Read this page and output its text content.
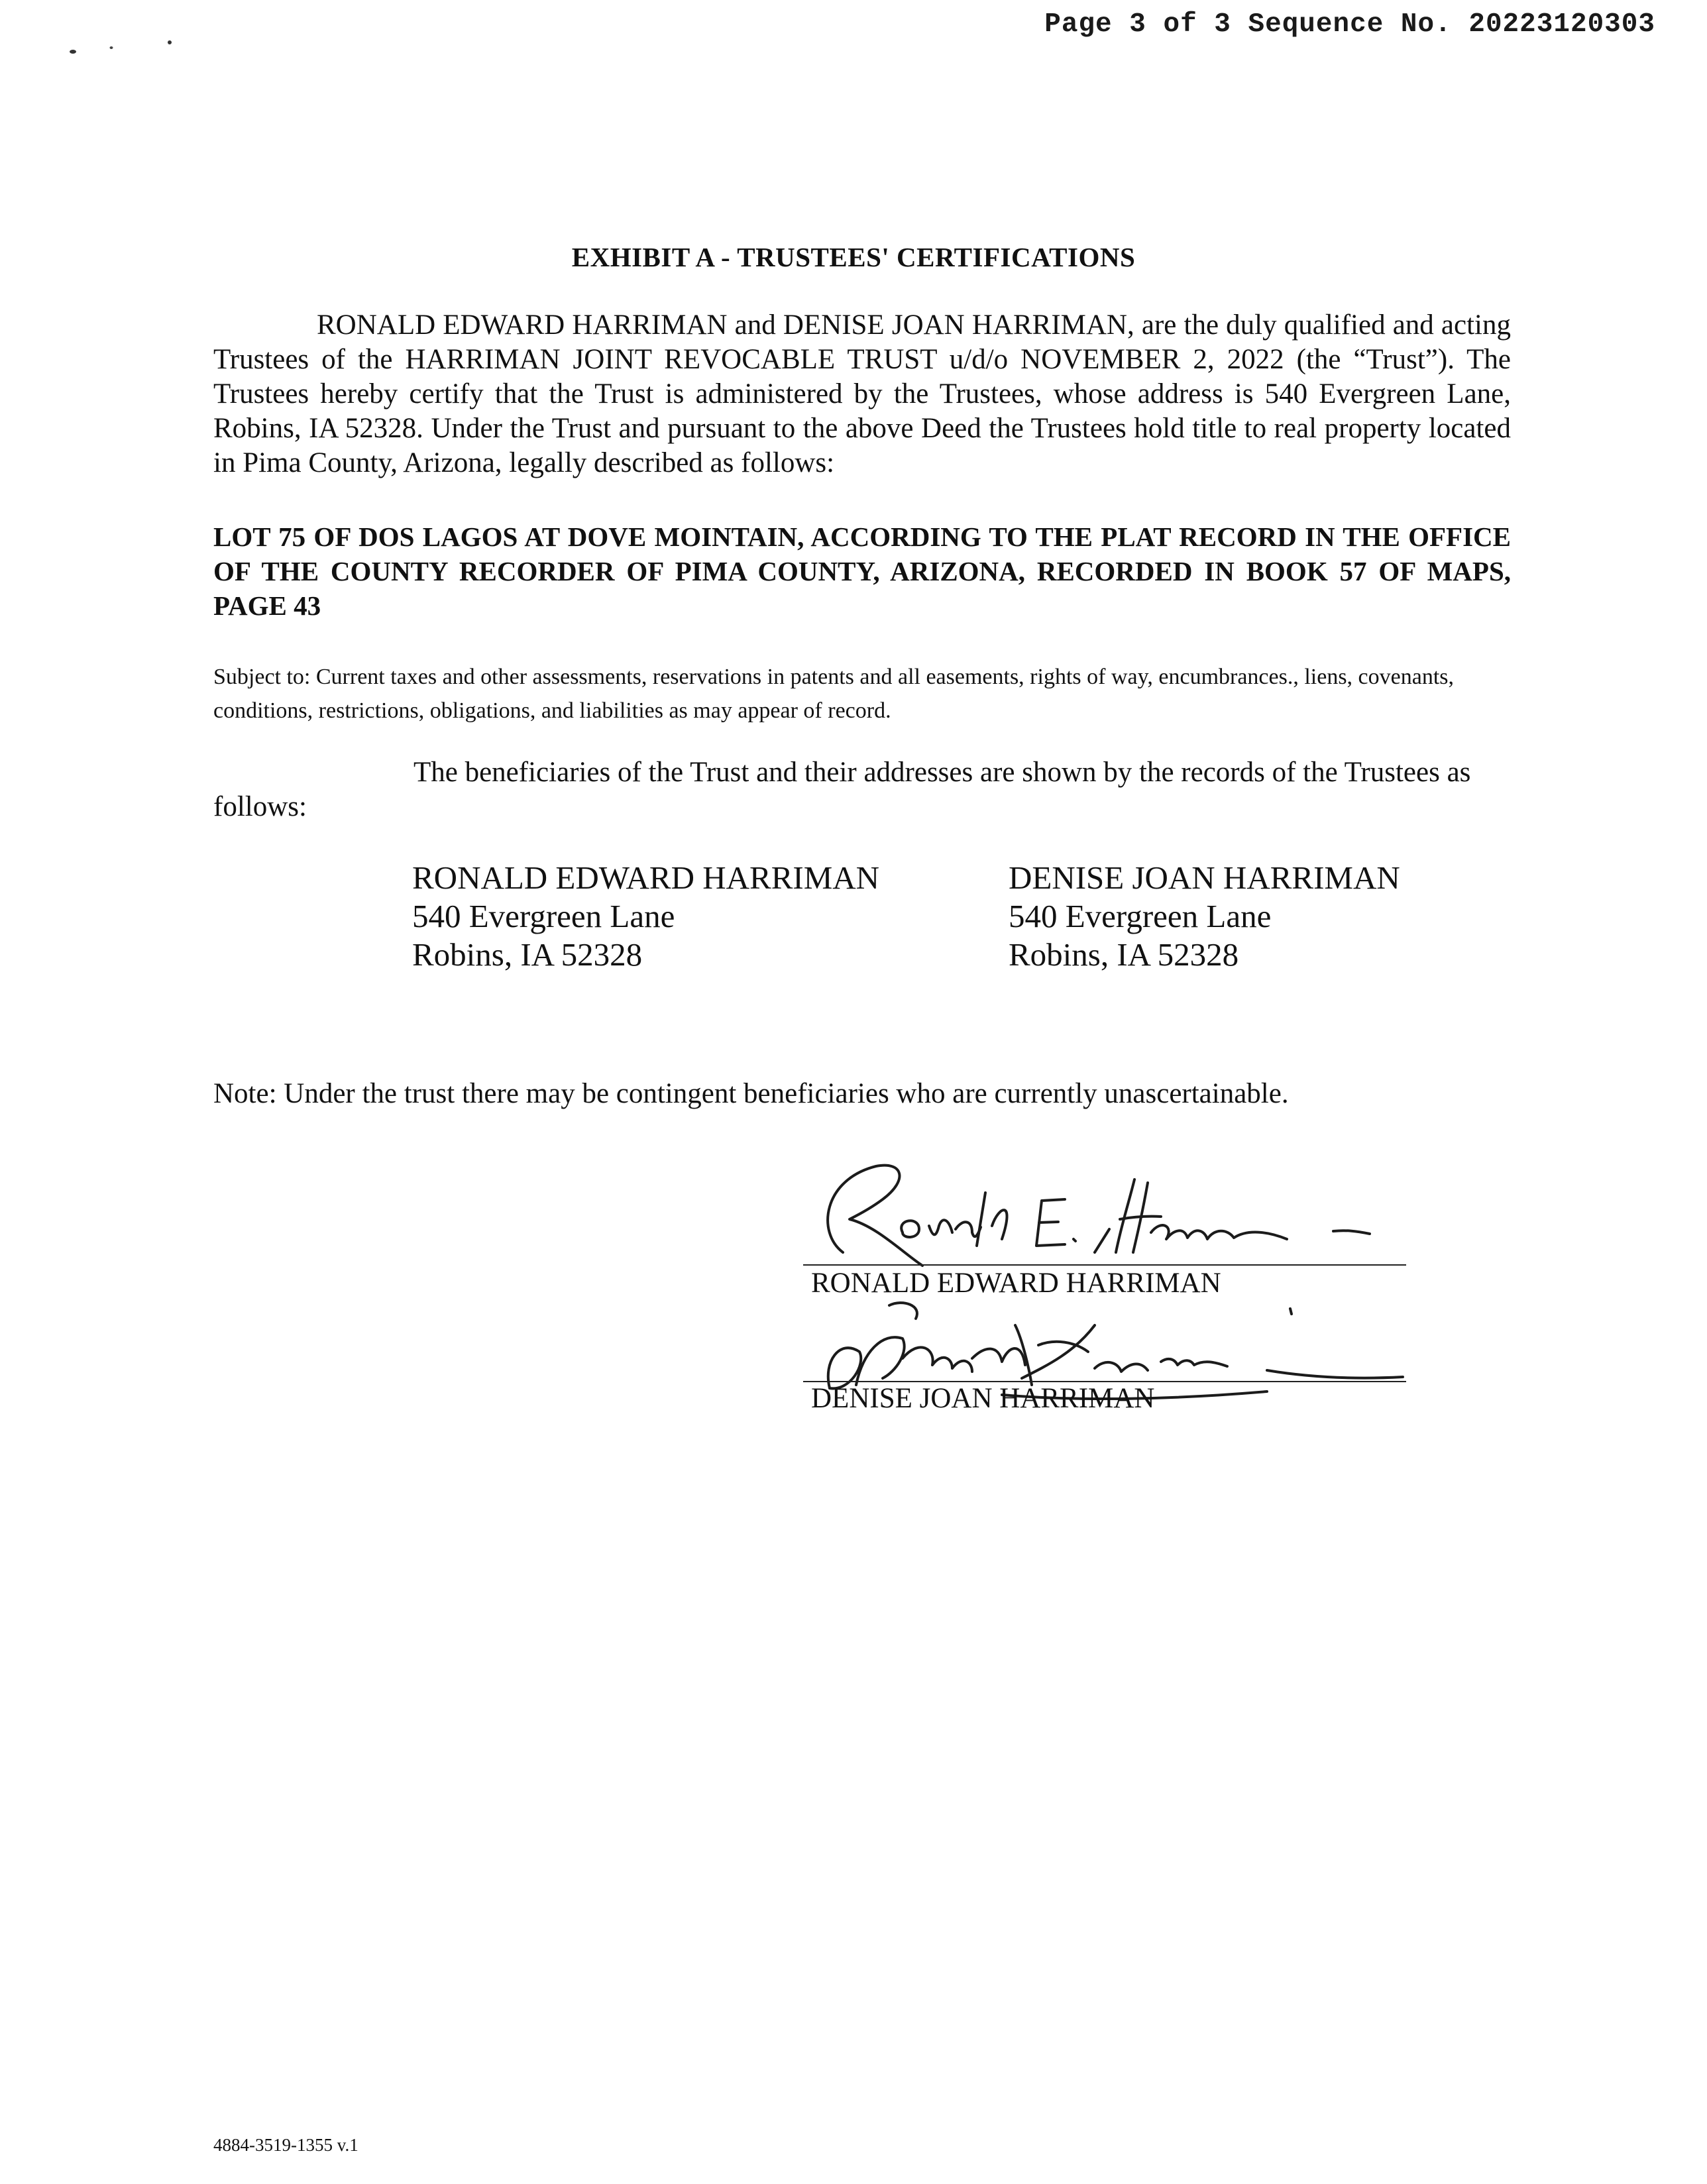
Page 3 of 3 Sequence No. 20223120303
EXHIBIT A - TRUSTEES' CERTIFICATIONS
RONALD EDWARD HARRIMAN and DENISE JOAN HARRIMAN, are the duly qualified and acting Trustees of the HARRIMAN JOINT REVOCABLE TRUST u/d/o NOVEMBER 2, 2022 (the “Trust”). The Trustees hereby certify that the Trust is administered by the Trustees, whose address is 540 Evergreen Lane, Robins, IA 52328. Under the Trust and pursuant to the above Deed the Trustees hold title to real property located in Pima County, Arizona, legally described as follows:
LOT 75 OF DOS LAGOS AT DOVE MOINTAIN, ACCORDING TO THE PLAT RECORD IN THE OFFICE OF THE COUNTY RECORDER OF PIMA COUNTY, ARIZONA, RECORDED IN BOOK 57 OF MAPS, PAGE 43
Subject to: Current taxes and other assessments, reservations in patents and all easements, rights of way, encumbrances., liens, covenants, conditions, restrictions, obligations, and liabilities as may appear of record.
The beneficiaries of the Trust and their addresses are shown by the records of the Trustees as follows:
RONALD EDWARD HARRIMAN
540 Evergreen Lane
Robins, IA 52328
DENISE JOAN HARRIMAN
540 Evergreen Lane
Robins, IA 52328
Note: Under the trust there may be contingent beneficiaries who are currently unascertainable.
RONALD EDWARD HARRIMAN
DENISE JOAN HARRIMAN
4884-3519-1355 v.1
